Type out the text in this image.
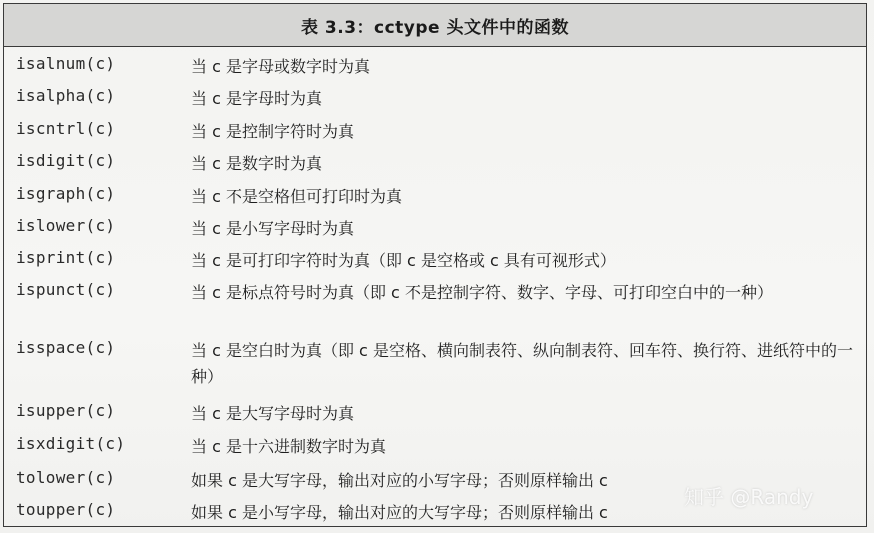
表 3.3：cctype 头文件中的函数
isalnum(c)	当 c 是字母或数字时为真
isalpha(c)	当 c 是字母时为真
iscntrl(c)	当 c 是控制字符时为真
isdigit(c)	当 c 是数字时为真
isgraph(c)	当 c 不是空格但可打印时为真
islower(c)	当 c 是小写字母时为真
isprint(c)	当 c 是可打印字符时为真（即 c 是空格或 c 具有可视形式）
ispunct(c)	当 c 是标点符号时为真（即 c 不是控制字符、数字、字母、可打印空白中的一种）
isspace(c)	当 c 是空白时为真（即 c 是空格、横向制表符、纵向制表符、回车符、换行符、进纸符中的一种）
isupper(c)	当 c 是大写字母时为真
isxdigit(c)	当 c 是十六进制数字时为真
tolower(c)	如果 c 是大写字母，输出对应的小写字母；否则原样输出 c
toupper(c)	如果 c 是小写字母，输出对应的大写字母；否则原样输出 c
知乎 @Randy
